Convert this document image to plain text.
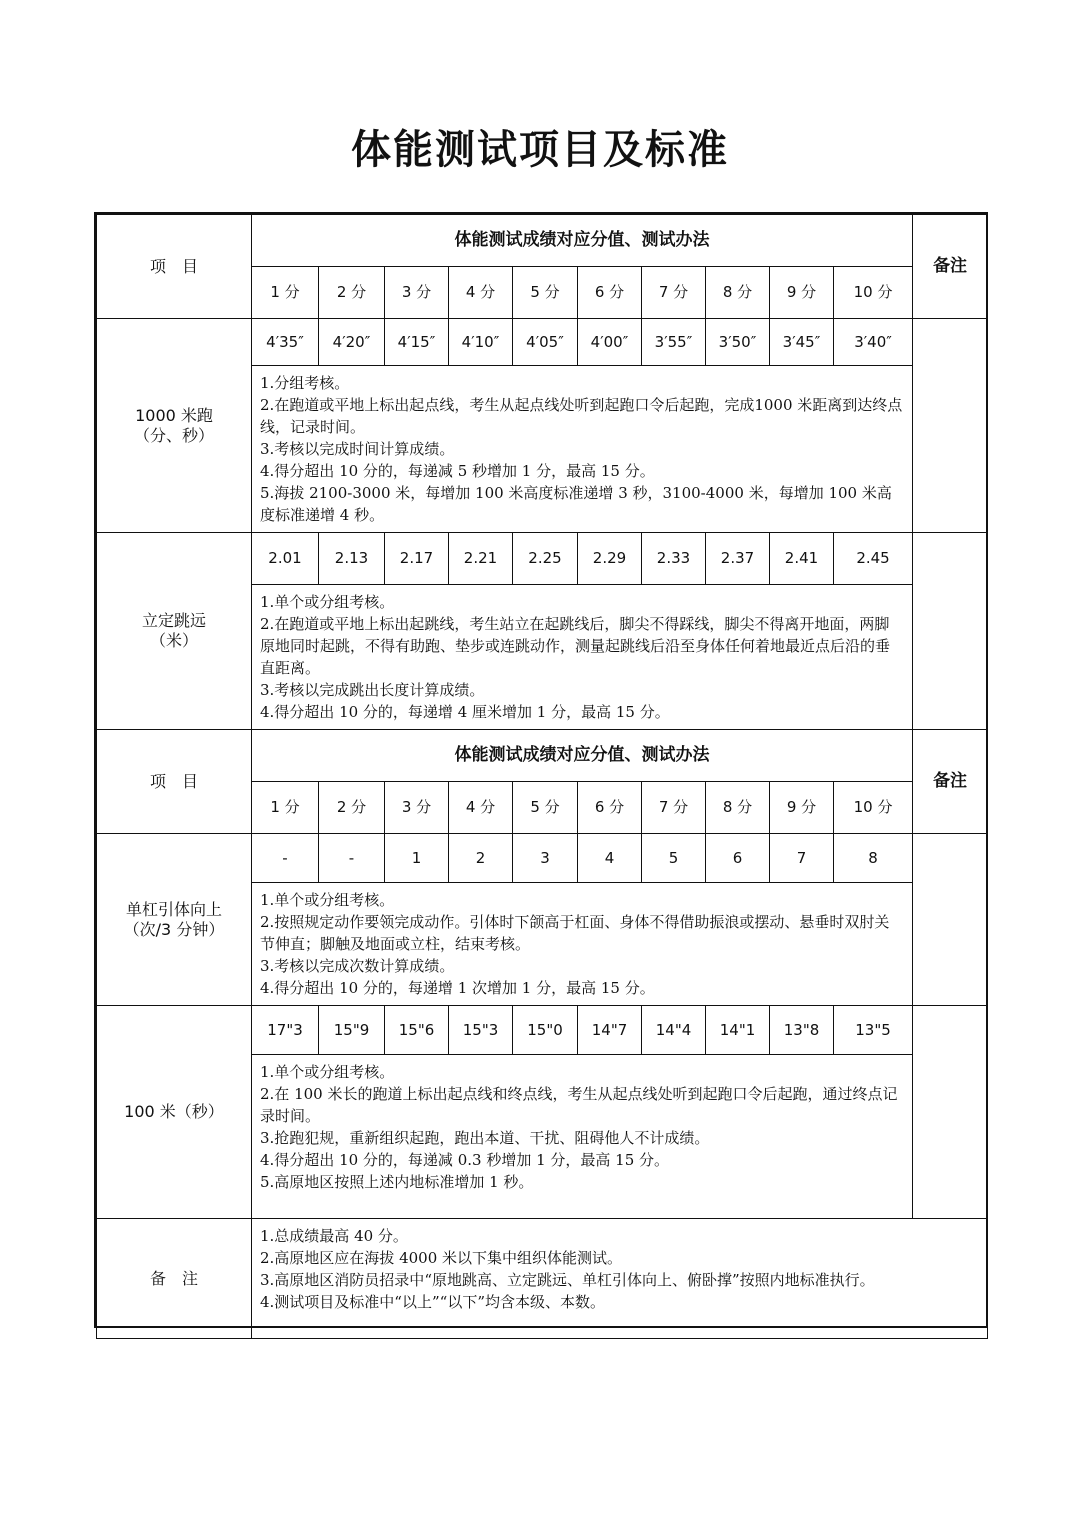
体能测试项目及标准
项　目	体能测试成绩对应分值、测试办法										备注
	1 分	2 分	3 分	4 分	5 分	6 分	7 分	8 分	9 分	10 分	

1000 米跑
（分、秒）	4′35″	4′20″	4′15″	4′10″	4′05″	4′00″	3′55″	3′50″	3′45″	3′40″	

	1.分组考核。
2.在跑道或平地上标出起点线，考生从起点线处听到起跑口令后起跑，完成1000 米距离到达终点线，记录时间。
3.考核以完成时间计算成绩。
4.得分超出 10 分的，每递减 5 秒增加 1 分，最高 15 分。
5.海拔 2100-3000 米，每增加 100 米高度标准递增 3 秒，3100-4000 米，每增加 100 米高度标准递增 4 秒。										

立定跳远
（米）	2.01	2.13	2.17	2.21	2.25	2.29	2.33	2.37	2.41	2.45	

	1.单个或分组考核。
2.在跑道或平地上标出起跳线，考生站立在起跳线后，脚尖不得踩线，脚尖不得离开地面，两脚原地同时起跳，不得有助跑、垫步或连跳动作，测量起跳线后沿至身体任何着地最近点后沿的垂直距离。
3.考核以完成跳出长度计算成绩。
4.得分超出 10 分的，每递增 4 厘米增加 1 分，最高 15 分。										

项　目	体能测试成绩对应分值、测试办法										备注
	1 分	2 分	3 分	4 分	5 分	6 分	7 分	8 分	9 分	10 分	

单杠引体向上
（次/3 分钟）	-	-	1	2	3	4	5	6	7	8	

	1.单个或分组考核。
2.按照规定动作要领完成动作。引体时下颌高于杠面、身体不得借助振浪或摆动、悬垂时双肘关节伸直；脚触及地面或立柱，结束考核。
3.考核以完成次数计算成绩。
4.得分超出 10 分的，每递增 1 次增加 1 分，最高 15 分。										

100 米（秒）	17"3	15"9	15"6	15"3	15"0	14"7	14"4	14"1	13"8	13"5	

	1.单个或分组考核。
2.在 100 米长的跑道上标出起点线和终点线，考生从起点线处听到起跑口令后起跑，通过终点记录时间。
3.抢跑犯规，重新组织起跑，跑出本道、干扰、阻碍他人不计成绩。
4.得分超出 10 分的，每递减 0.3 秒增加 1 分，最高 15 分。
5.高原地区按照上述内地标准增加 1 秒。										

备　注	1.总成绩最高 40 分。
2.高原地区应在海拔 4000 米以下集中组织体能测试。
3.高原地区消防员招录中“原地跳高、立定跳远、单杠引体向上、俯卧撑”按照内地标准执行。
4.测试项目及标准中“以上”“以下”均含本级、本数。										
